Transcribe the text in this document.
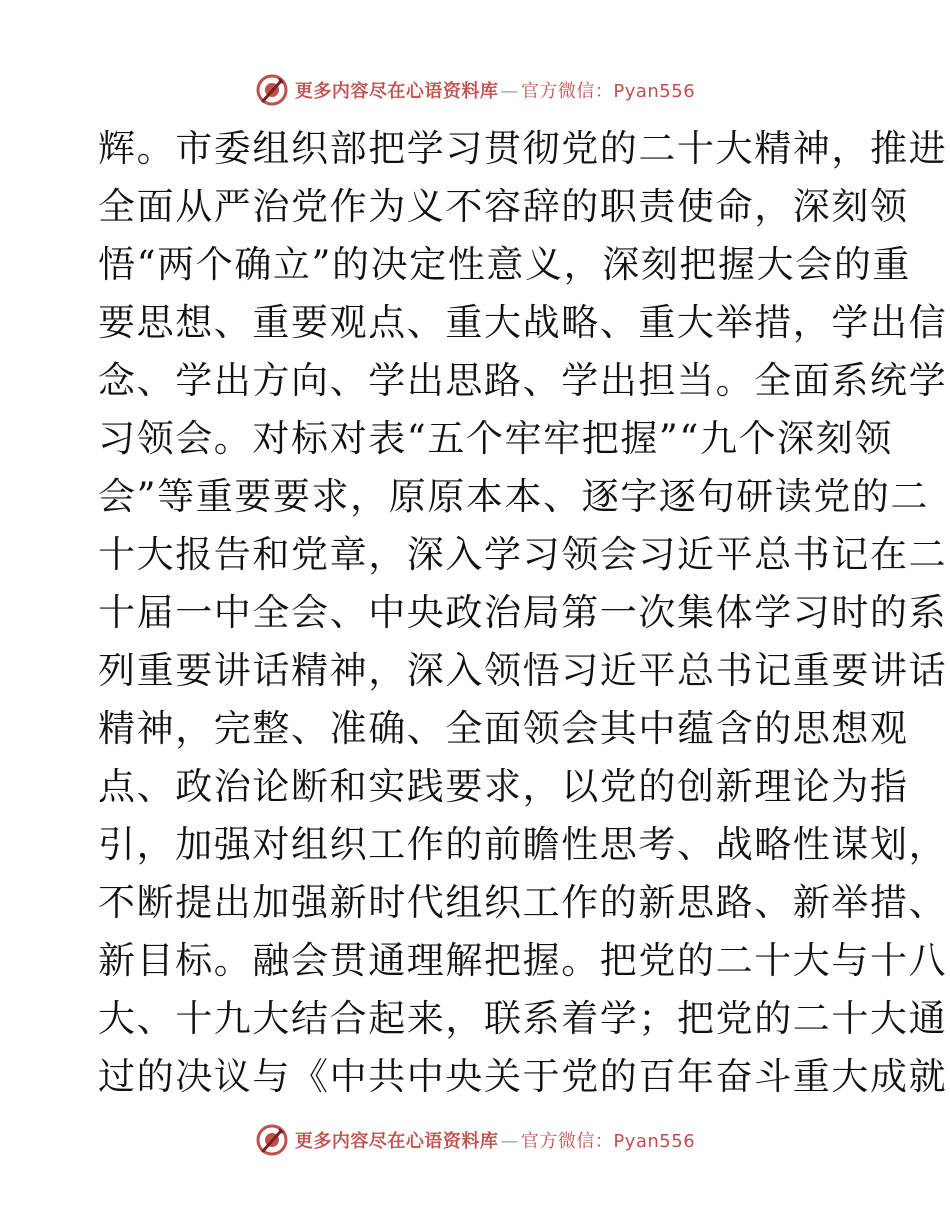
更多内容尽在心语资料库 — 官方微信：Pyan556
辉。市委组织部把学习贯彻党的二十大精神，推进
全面从严治党作为义不容辞的职责使命，深刻领
悟“两个确立”的决定性意义，深刻把握大会的重
要思想、重要观点、重大战略、重大举措，学出信
念、学出方向、学出思路、学出担当。全面系统学
习领会。对标对表“五个牢牢把握”“九个深刻领
会”等重要要求，原原本本、逐字逐句研读党的二
十大报告和党章，深入学习领会习近平总书记在二
十届一中全会、中央政治局第一次集体学习时的系
列重要讲话精神，深入领悟习近平总书记重要讲话
精神，完整、准确、全面领会其中蕴含的思想观
点、政治论断和实践要求，以党的创新理论为指
引，加强对组织工作的前瞻性思考、战略性谋划，
不断提出加强新时代组织工作的新思路、新举措、
新目标。融会贯通理解把握。把党的二十大与十八
大、十九大结合起来，联系着学；把党的二十大通
过的决议与《中共中央关于党的百年奋斗重大成就
更多内容尽在心语资料库 — 官方微信：Pyan556
